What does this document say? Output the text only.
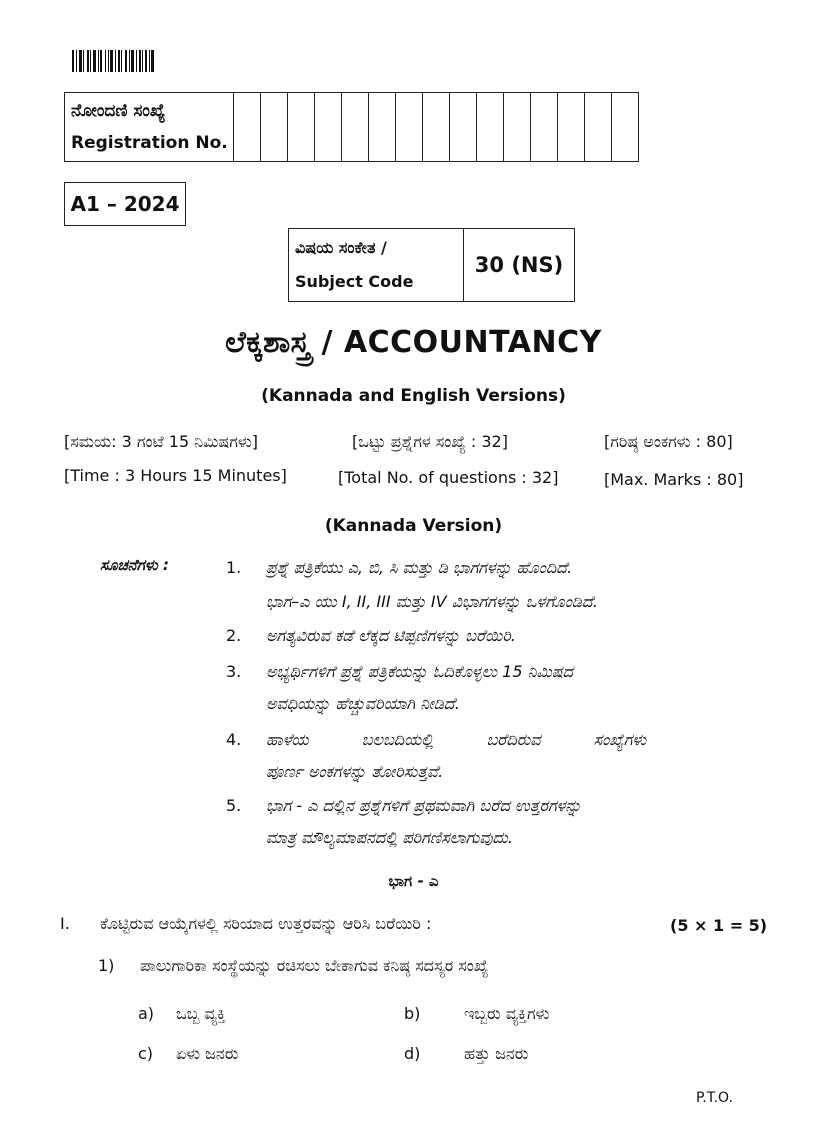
ನೋಂದಣಿ ಸಂಖ್ಯೆ
Registration No.

A1 – 2024
ವಿಷಯ ಸಂಕೇತ /
Subject Code
	30 (NS)
ಲೆಕ್ಕಶಾಸ್ತ್ರ / ACCOUNTANCY
(Kannada and English Versions)
[ಸಮಯ: 3 ಗಂಟೆ 15 ನಿಮಿಷಗಳು]	[ಒಟ್ಟು ಪ್ರಶ್ನೆಗಳ ಸಂಖ್ಯೆ : 32]	[ಗರಿಷ್ಠ ಅಂಕಗಳು : 80]
[Time : 3 Hours 15 Minutes]	[Total No. of questions : 32]	[Max. Marks : 80]
(Kannada Version)
ಸೂಚನೆಗಳು :	1. ಪ್ರಶ್ನೆ ಪತ್ರಿಕೆಯು ಎ, ಬಿ, ಸಿ ಮತ್ತು ಡಿ ಭಾಗಗಳನ್ನು ಹೊಂದಿದೆ.
ಭಾಗ–ಎ ಯು I, II, III ಮತ್ತು IV ವಿಭಾಗಗಳನ್ನು ಒಳಗೊಂಡಿದೆ.
2. ಅಗತ್ಯವಿರುವ ಕಡೆ ಲೆಕ್ಕದ ಟಿಪ್ಪಣಿಗಳನ್ನು ಬರೆಯಿರಿ.
3. ಅಭ್ಯರ್ಥಿಗಳಿಗೆ ಪ್ರಶ್ನೆ ಪತ್ರಿಕೆಯನ್ನು ಓದಿಕೊಳ್ಳಲು 15 ನಿಮಿಷದ
ಅವಧಿಯನ್ನು ಹೆಚ್ಚುವರಿಯಾಗಿ ನೀಡಿದೆ.
4. ಹಾಳೆಯ ಬಲಬದಿಯಲ್ಲಿ ಬರೆದಿರುವ ಸಂಖ್ಯೆಗಳು
ಪೂರ್ಣ ಅಂಕಗಳನ್ನು ತೋರಿಸುತ್ತವೆ.
5. ಭಾಗ - ಎ ದಲ್ಲಿನ ಪ್ರಶ್ನೆಗಳಿಗೆ ಪ್ರಥಮವಾಗಿ ಬರೆದ ಉತ್ತರಗಳನ್ನು
ಮಾತ್ರ ಮೌಲ್ಯಮಾಪನದಲ್ಲಿ ಪರಿಗಣಿಸಲಾಗುವುದು.
ಭಾಗ - ಎ
I. ಕೊಟ್ಟಿರುವ ಆಯ್ಕೆಗಳಲ್ಲಿ ಸರಿಯಾದ ಉತ್ತರವನ್ನು ಆರಿಸಿ ಬರೆಯಿರಿ :	(5 × 1 = 5)
1) ಪಾಲುಗಾರಿಕಾ ಸಂಸ್ಥೆಯನ್ನು ರಚಿಸಲು ಬೇಕಾಗುವ ಕನಿಷ್ಠ ಸದಸ್ಯರ ಸಂಖ್ಯೆ
a) ಒಬ್ಬ ವ್ಯಕ್ತಿ	b)	ಇಬ್ಬರು ವ್ಯಕ್ತಿಗಳು
c) ಏಳು ಜನರು	d)	ಹತ್ತು ಜನರು
P.T.O.
